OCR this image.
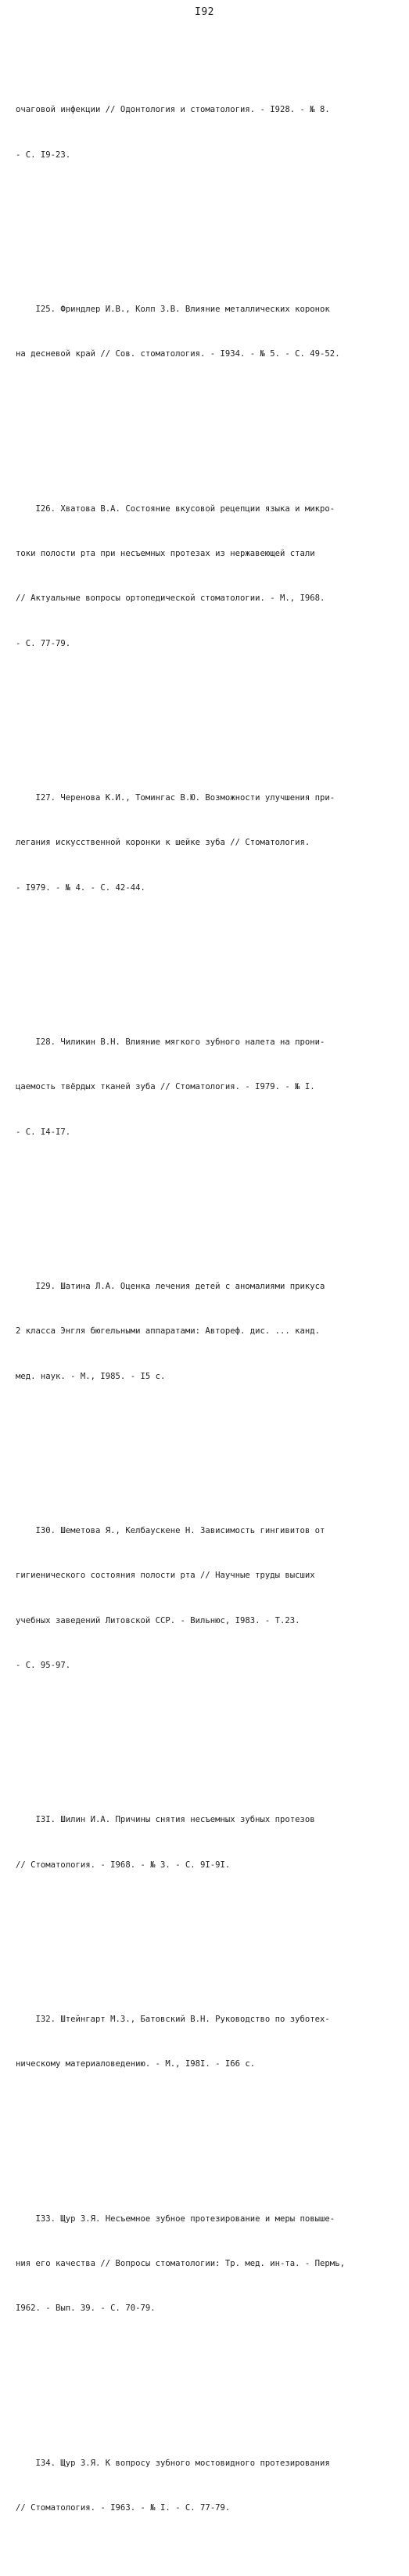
I92

очаговой инфекции // Одонтология и стоматология. - I928. - № 8.

- С. I9-23.

I25. Фриндлер И.В., Колп З.В. Влияние металлических коронок

на десневой край // Сов. стоматология. - I934. - № 5. - С. 49-52.

I26. Хватова В.А. Состояние вкусовой рецепции языка и микро-

токи полости рта при несъемных протезах из нержавеющей стали

// Актуальные вопросы ортопедической стоматологии. - М., I968.

- С. 77-79.

I27. Черенова К.И., Томингас В.Ю. Возможности улучшения при-

легания искусственной коронки к шейке зуба // Стоматология.

- I979. - № 4. - С. 42-44.

I28. Чиликин В.Н. Влияние мягкого зубного налета на прони-

цаемость твёрдых тканей зуба // Стоматология. - I979. - № I.

- С. I4-I7.

I29. Шатина Л.А. Оценка лечения детей с аномалиями прикуса

2 класса Энгля бюгельными аппаратами: Автореф. дис. ... канд.

мед. наук. - М., I985. - I5 с.

I30. Шеметова Я., Келбаускене Н. Зависимость гингивитов от

гигиенического состояния полости рта // Научные труды высших

учебных заведений Литовской ССР. - Вильнюс, I983. - Т.23.

- С. 95-97.

I3I. Шилин И.А. Причины снятия несъемных зубных протезов

// Стоматология. - I968. - № 3. - С. 9I-9I.

I32. Штейнгарт М.З., Батовский В.Н. Руководство по зуботех-

ническому материаловедению. - М., I98I. - I66 с.

I33. Щур З.Я. Несъемное зубное протезирование и меры повыше-

ния его качества // Вопросы стоматологии: Тр. мед. ин-та. - Пермь,

I962. - Вып. 39. - С. 70-79.

I34. Щур З.Я. К вопросу зубного мостовидного протезирования

// Стоматология. - I963. - № I. - С. 77-79.
